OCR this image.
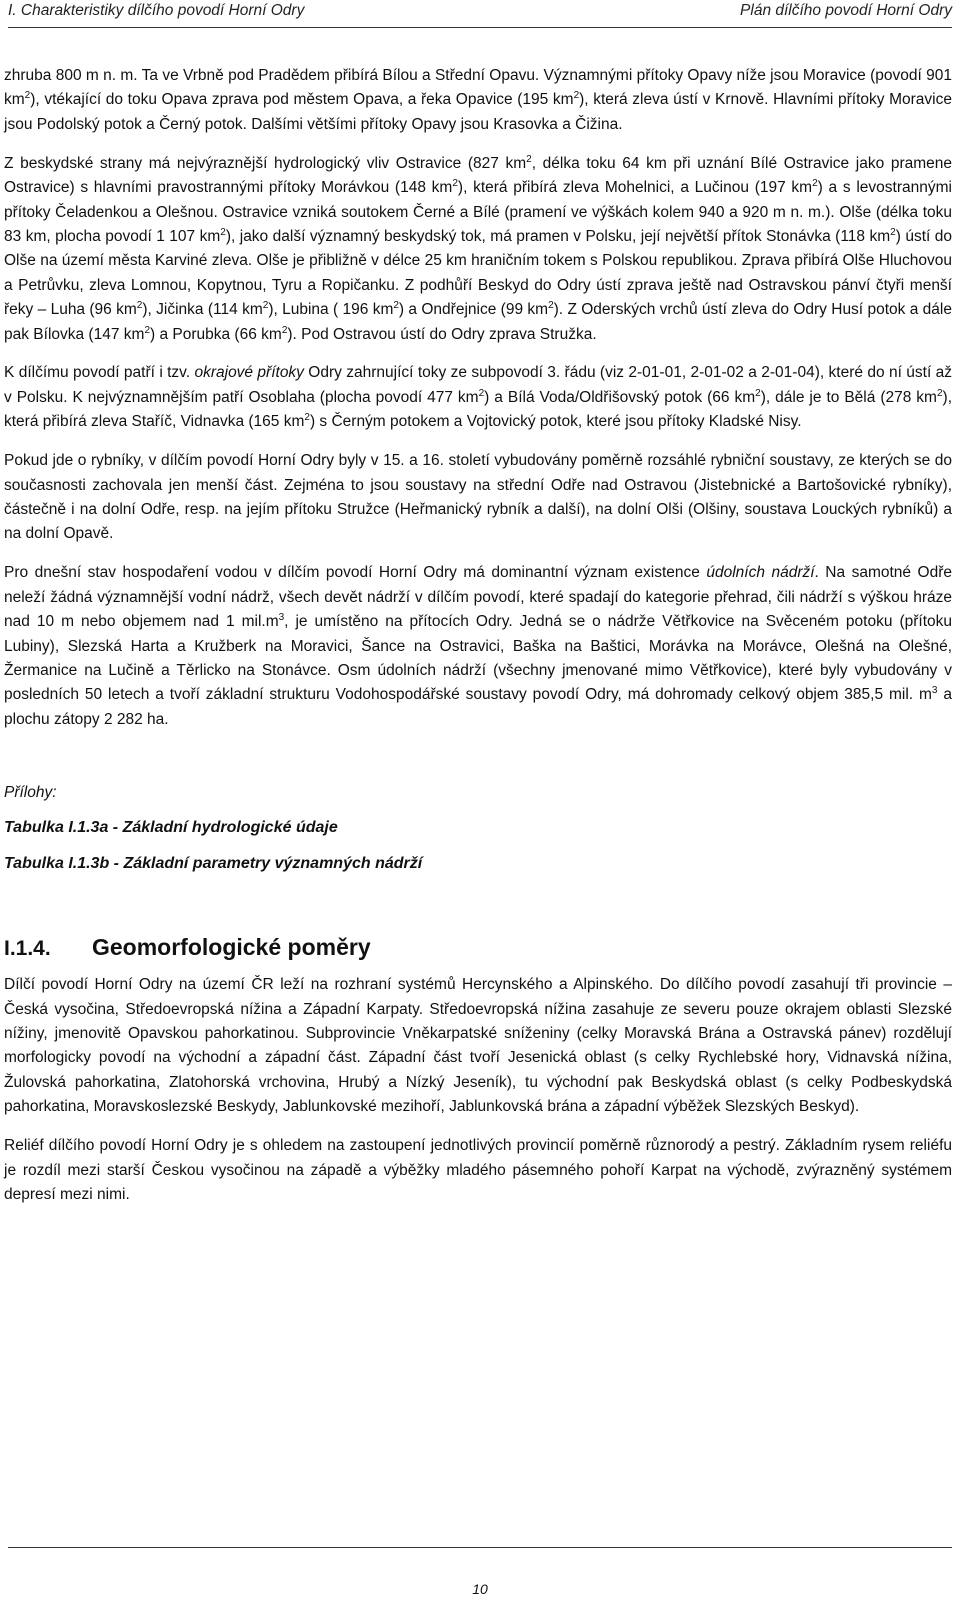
I. Charakteristiky dílčího povodí Horní Odry	Plán dílčího povodí Horní Odry

zhruba 800 m n. m. Ta ve Vrbně pod Pradědem přibírá Bílou a Střední Opavu. Významnými přítoky Opavy níže jsou Moravice (povodí 901 $km^2$), vtékající do toku Opava zprava pod městem Opava, a řeka Opavice (195 $km^2$), která zleva ústí v Krnově. Hlavními přítoky Moravice jsou Podolský potok a Černý potok. Dalšími většími přítoky Opavy jsou Krasovka a Čižina.

Z beskydské strany má nejvýraznější hydrologický vliv Ostravice (827 $km^2$, délka toku 64 km při uznání Bílé Ostravice jako pramene Ostravice) s hlavními pravostrannými přítoky Morávkou (148 $km^2$), která přibírá zleva Mohelnici, a Lučinou (197 $km^2$) a s levostrannými přítoky Čeladenkou a Olešnou. Ostravice vzniká soutokem Černé a Bílé (pramení ve výškách kolem 940 a 920 m n. m.). Olše (délka toku 83 km, plocha povodí 1 107 $km^2$), jako další významný beskydský tok, má pramen v Polsku, její největší přítok Stonávka (118 $km^2$) ústí do Olše na území města Karviné zleva. Olše je přibližně v délce 25 km hraničním tokem s Polskou republikou. Zprava přibírá Olše Hluchovou a Petrůvku, zleva Lomnou, Kopytnou, Tyru a Ropičanku. Z podhůří Beskyd do Odry ústí zprava ještě nad Ostravskou pánví čtyři menší řeky – Luha (96 $km^2$), Jičinka (114 $km^2$), Lubina ( 196 $km^2$) a Ondřejnice (99 $km^2$). Z Oderských vrchů ústí zleva do Odry Husí potok a dále pak Bílovka (147 $km^2$) a Porubka (66 $km^2$). Pod Ostravou ústí do Odry zprava Stružka.

K dílčímu povodí patří i tzv. okrajové přítoky Odry zahrnující toky ze subpovodí 3. řádu (viz 2-01-01, 2-01-02 a 2-01-04), které do ní ústí až v Polsku. K nejvýznamnějším patří Osoblaha (plocha povodí 477 $km^2$) a Bílá Voda/Oldřišovský potok (66 $km^2$), dále je to Bělá (278 $km^2$), která přibírá zleva Staříč, Vidnavka (165 $km^2$) s Černým potokem a Vojtovický potok, které jsou přítoky Kladské Nisy.

Pokud jde o rybníky, v dílčím povodí Horní Odry byly v 15. a 16. století vybudovány poměrně rozsáhlé rybniční soustavy, ze kterých se do současnosti zachovala jen menší část. Zejména to jsou soustavy na střední Odře nad Ostravou (Jistebnické a Bartošovické rybníky), částečně i na dolní Odře, resp. na jejím přítoku Stružce (Heřmanický rybník a další), na dolní Olši (Olšiny, soustava Louckých rybníků) a na dolní Opavě.

Pro dnešní stav hospodaření vodou v dílčím povodí Horní Odry má dominantní význam existence údolních nádrží. Na samotné Odře neleží žádná významnější vodní nádrž, všech devět nádrží v dílčím povodí, které spadají do kategorie přehrad, čili nádrží s výškou hráze nad 10 m nebo objemem nad 1 $mil.m^3$, je umístěno na přítocích Odry. Jedná se o nádrže Větřkovice na Svěceném potoku (přítoku Lubiny), Slezská Harta a Kružberk na Moravici, Šance na Ostravici, Baška na Baštici, Morávka na Morávce, Olešná na Olešné, Žermanice na Lučině a Těrlicko na Stonávce. Osm údolních nádrží (všechny jmenované mimo Větřkovice), které byly vybudovány v posledních 50 letech a tvoří základní strukturu Vodohospodářské soustavy povodí Odry, má dohromady celkový objem 385,5 mil. $m^3$ a plochu zátopy 2 282 ha.

Přílohy:
Tabulka I.1.3a - Základní hydrologické údaje
Tabulka I.1.3b - Základní parametry významných nádrží
I.1.4.	Geomorfologické poměry

Dílčí povodí Horní Odry na území ČR leží na rozhraní systémů Hercynského a Alpinského. Do dílčího povodí zasahují tři provincie – Česká vysočina, Středoevropská nížina a Západní Karpaty. Středoevropská nížina zasahuje ze severu pouze okrajem oblasti Slezské nížiny, jmenovitě Opavskou pahorkatinou. Subprovincie Vněkarpatské sníženiny (celky Moravská Brána a Ostravská pánev) rozdělují morfologicky povodí na východní a západní část. Západní část tvoří Jesenická oblast (s celky Rychlebské hory, Vidnavská nížina, Žulovská pahorkatina, Zlatohorská vrchovina, Hrubý a Nízký Jeseník), tu východní pak Beskydská oblast (s celky Podbeskydská pahorkatina, Moravskoslezské Beskydy, Jablunkovské mezihoří, Jablunkovská brána a západní výběžek Slezských Beskyd).

Reliéf dílčího povodí Horní Odry je s ohledem na zastoupení jednotlivých provincií poměrně různorodý a pestrý. Základním rysem reliéfu je rozdíl mezi starší Českou vysočinou na západě a výběžky mladého pásemného pohoří Karpat na východě, zvýrazněný systémem depresí mezi nimi.

10
